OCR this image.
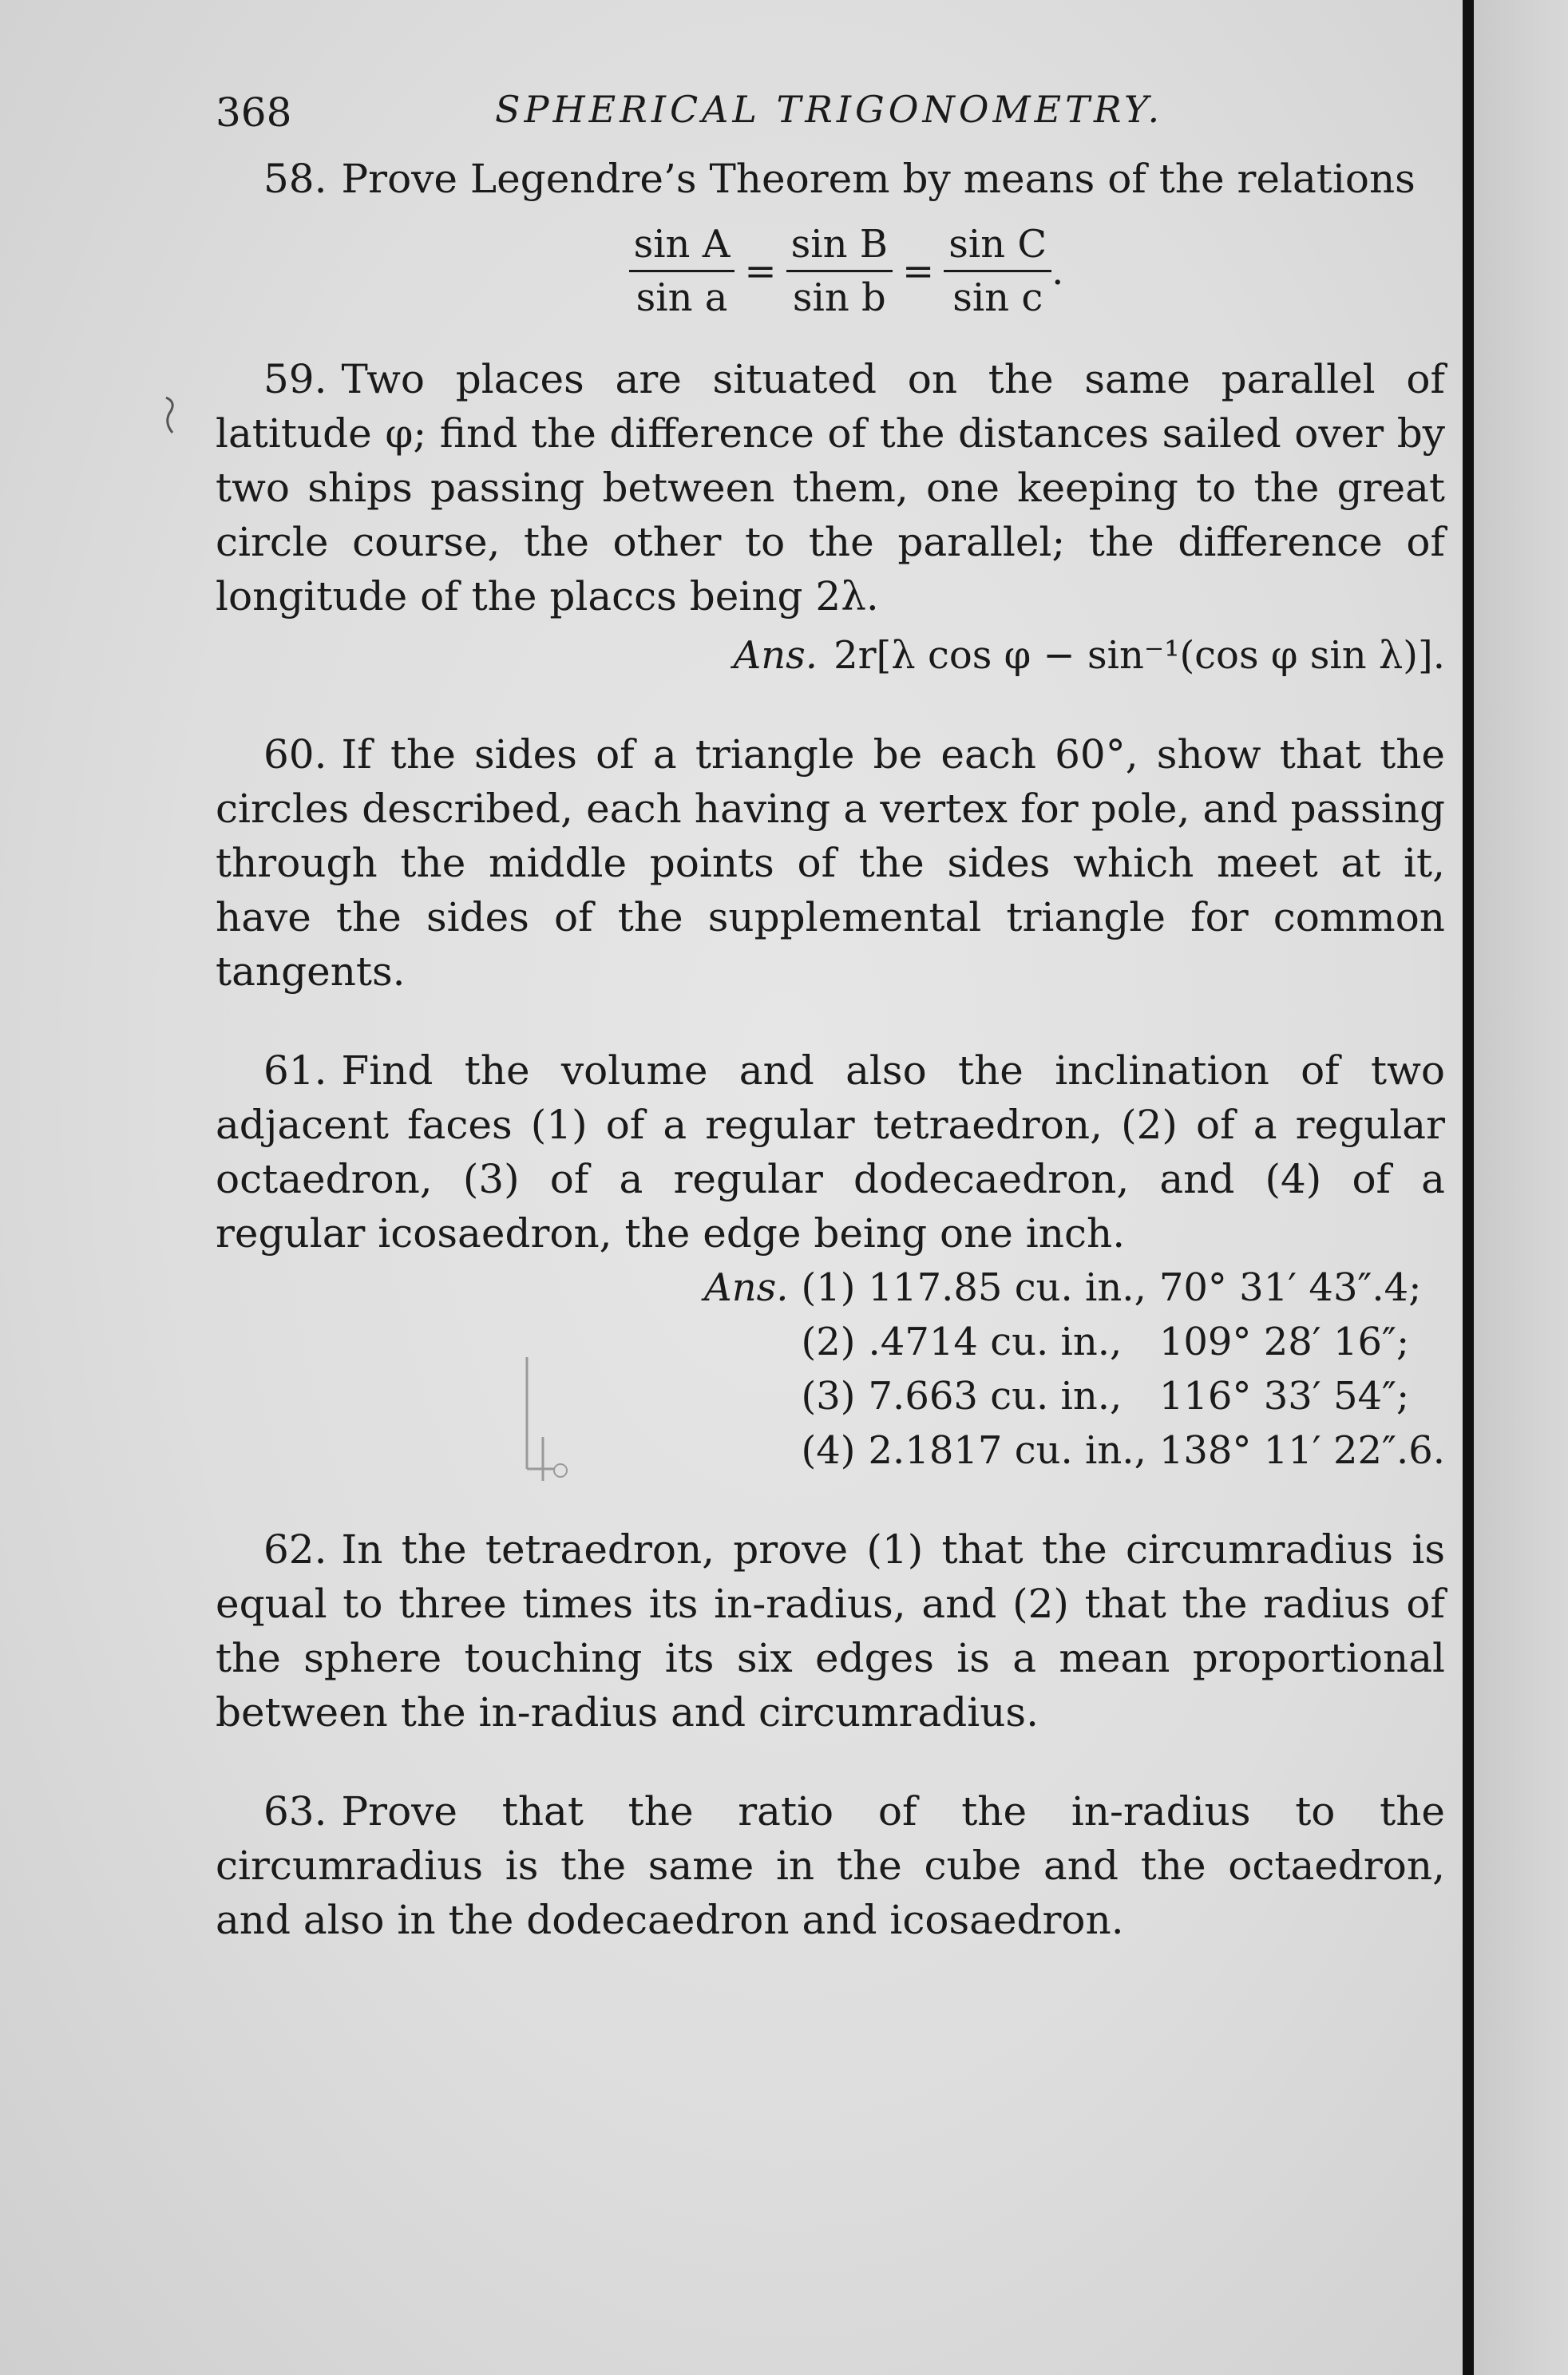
368	SPHERICAL TRIGONOMETRY.

58. Prove Legendre’s Theorem by means of the relations

$\frac{\text{sin A}}{\text{sin a}} = \frac{\text{sin B}}{\text{sin b}} = \frac{\text{sin C}}{\text{sin c}}$ .

59. Two places are situated on the same parallel of latitude φ; find the difference of the distances sailed over by two ships passing between them, one keeping to the great circle course, the other to the parallel; the difference of longitude of the placcs being 2λ.

Ans. 2r[λ cos φ − sin⁻¹(cos φ sin λ)].

60. If the sides of a triangle be each 60°, show that the circles described, each having a vertex for pole, and passing through the middle points of the sides which meet at it, have the sides of the supplemental triangle for common tangents.

61. Find the volume and also the inclination of two adjacent faces (1) of a regular tetraedron, (2) of a regular octaedron, (3) of a regular dodecaedron, and (4) of a regular icosaedron, the edge being one inch.

Ans. (1) 117.85 cu. in., 70° 31′ 43″.4;
(2) .4714 cu. in., 109° 28′ 16″;
(3) 7.663 cu. in., 116° 33′ 54″;
(4) 2.1817 cu. in., 138° 11′ 22″.6.

62. In the tetraedron, prove (1) that the circumradius is equal to three times its in-radius, and (2) that the radius of the sphere touching its six edges is a mean proportional between the in-radius and circumradius.

63. Prove that the ratio of the in-radius to the circumradius is the same in the cube and the octaedron, and also in the dodecaedron and icosaedron.
